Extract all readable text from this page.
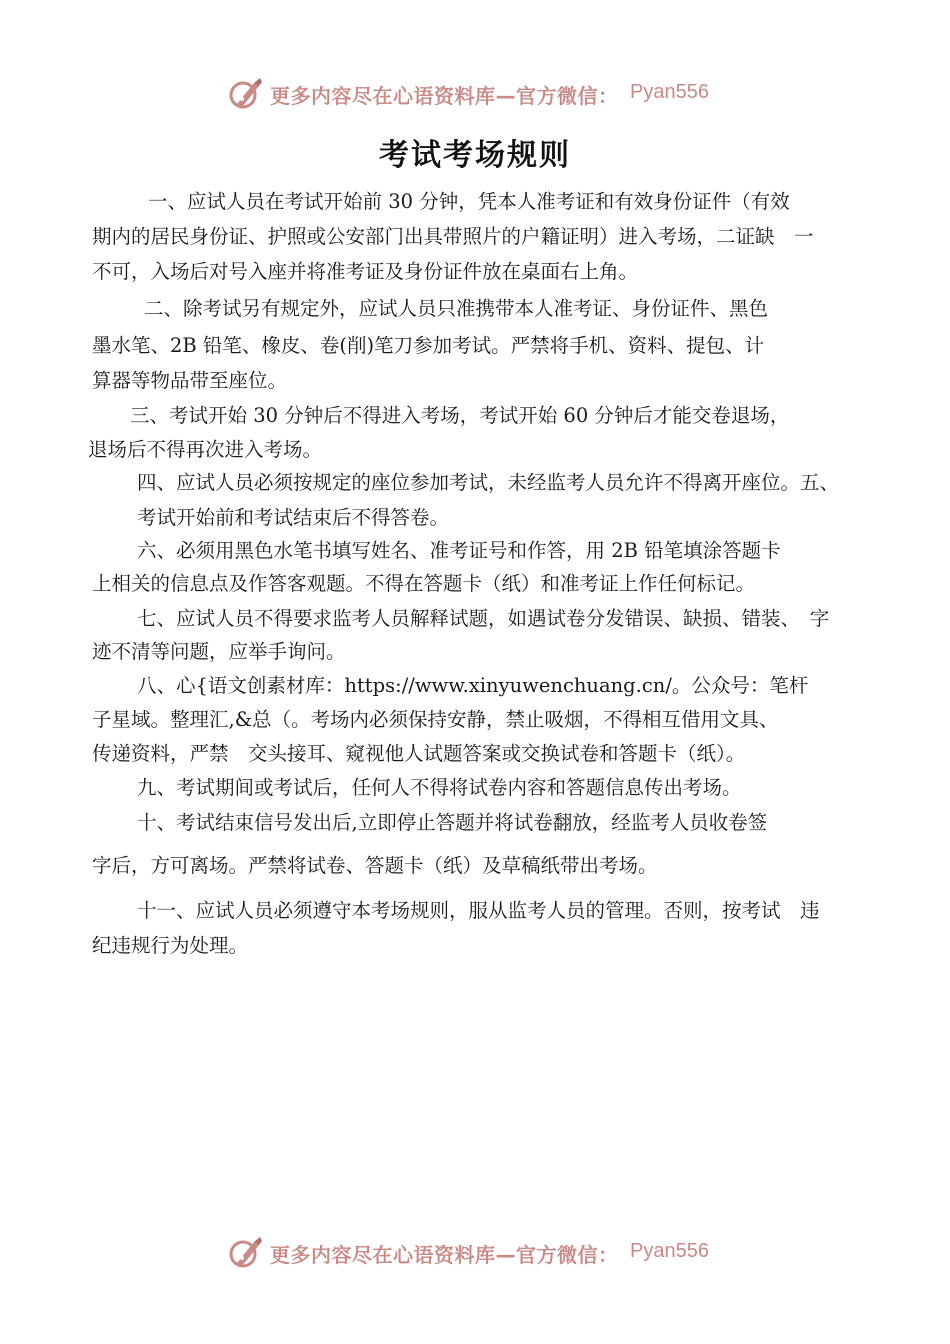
更多内容尽在心语资料库—官方微信： Pyan556
考试考场规则
一、应试人员在考试开始前 30 分钟，凭本人准考证和有效身份证件（有效
期内的居民身份证、护照或公安部门出具带照片的户籍证明）进入考场，二证缺　一
不可，入场后对号入座并将准考证及身份证件放在桌面右上角。
二、除考试另有规定外，应试人员只准携带本人准考证、身份证件、黑色
墨水笔、2B 铅笔、橡皮、卷(削)笔刀参加考试。严禁将手机、资料、提包、计
算器等物品带至座位。
三、考试开始 30 分钟后不得进入考场，考试开始 60 分钟后才能交卷退场，
退场后不得再次进入考场。
四、应试人员必须按规定的座位参加考试，未经监考人员允许不得离开座位。五、
考试开始前和考试结束后不得答卷。
六、必须用黑色水笔书填写姓名、准考证号和作答，用 2B 铅笔填涂答题卡
上相关的信息点及作答客观题。不得在答题卡（纸）和准考证上作任何标记。
七、应试人员不得要求监考人员解释试题，如遇试卷分发错误、缺损、错装、　字
迹不清等问题，应举手询问。
八、心{语文创素材库：https://www.xinyuwenchuang.cn/。公众号：笔杆
子星域。整理汇,&总（。考场内必须保持安静，禁止吸烟，不得相互借用文具、
传递资料，严禁　交头接耳、窥视他人试题答案或交换试卷和答题卡（纸）。
九、考试期间或考试后，任何人不得将试卷内容和答题信息传出考场。
十、考试结束信号发出后,立即停止答题并将试卷翻放，经监考人员收卷签
字后，方可离场。严禁将试卷、答题卡（纸）及草稿纸带出考场。
十一、应试人员必须遵守本考场规则，服从监考人员的管理。否则，按考试　违
纪违规行为处理。
更多内容尽在心语资料库—官方微信： Pyan556
